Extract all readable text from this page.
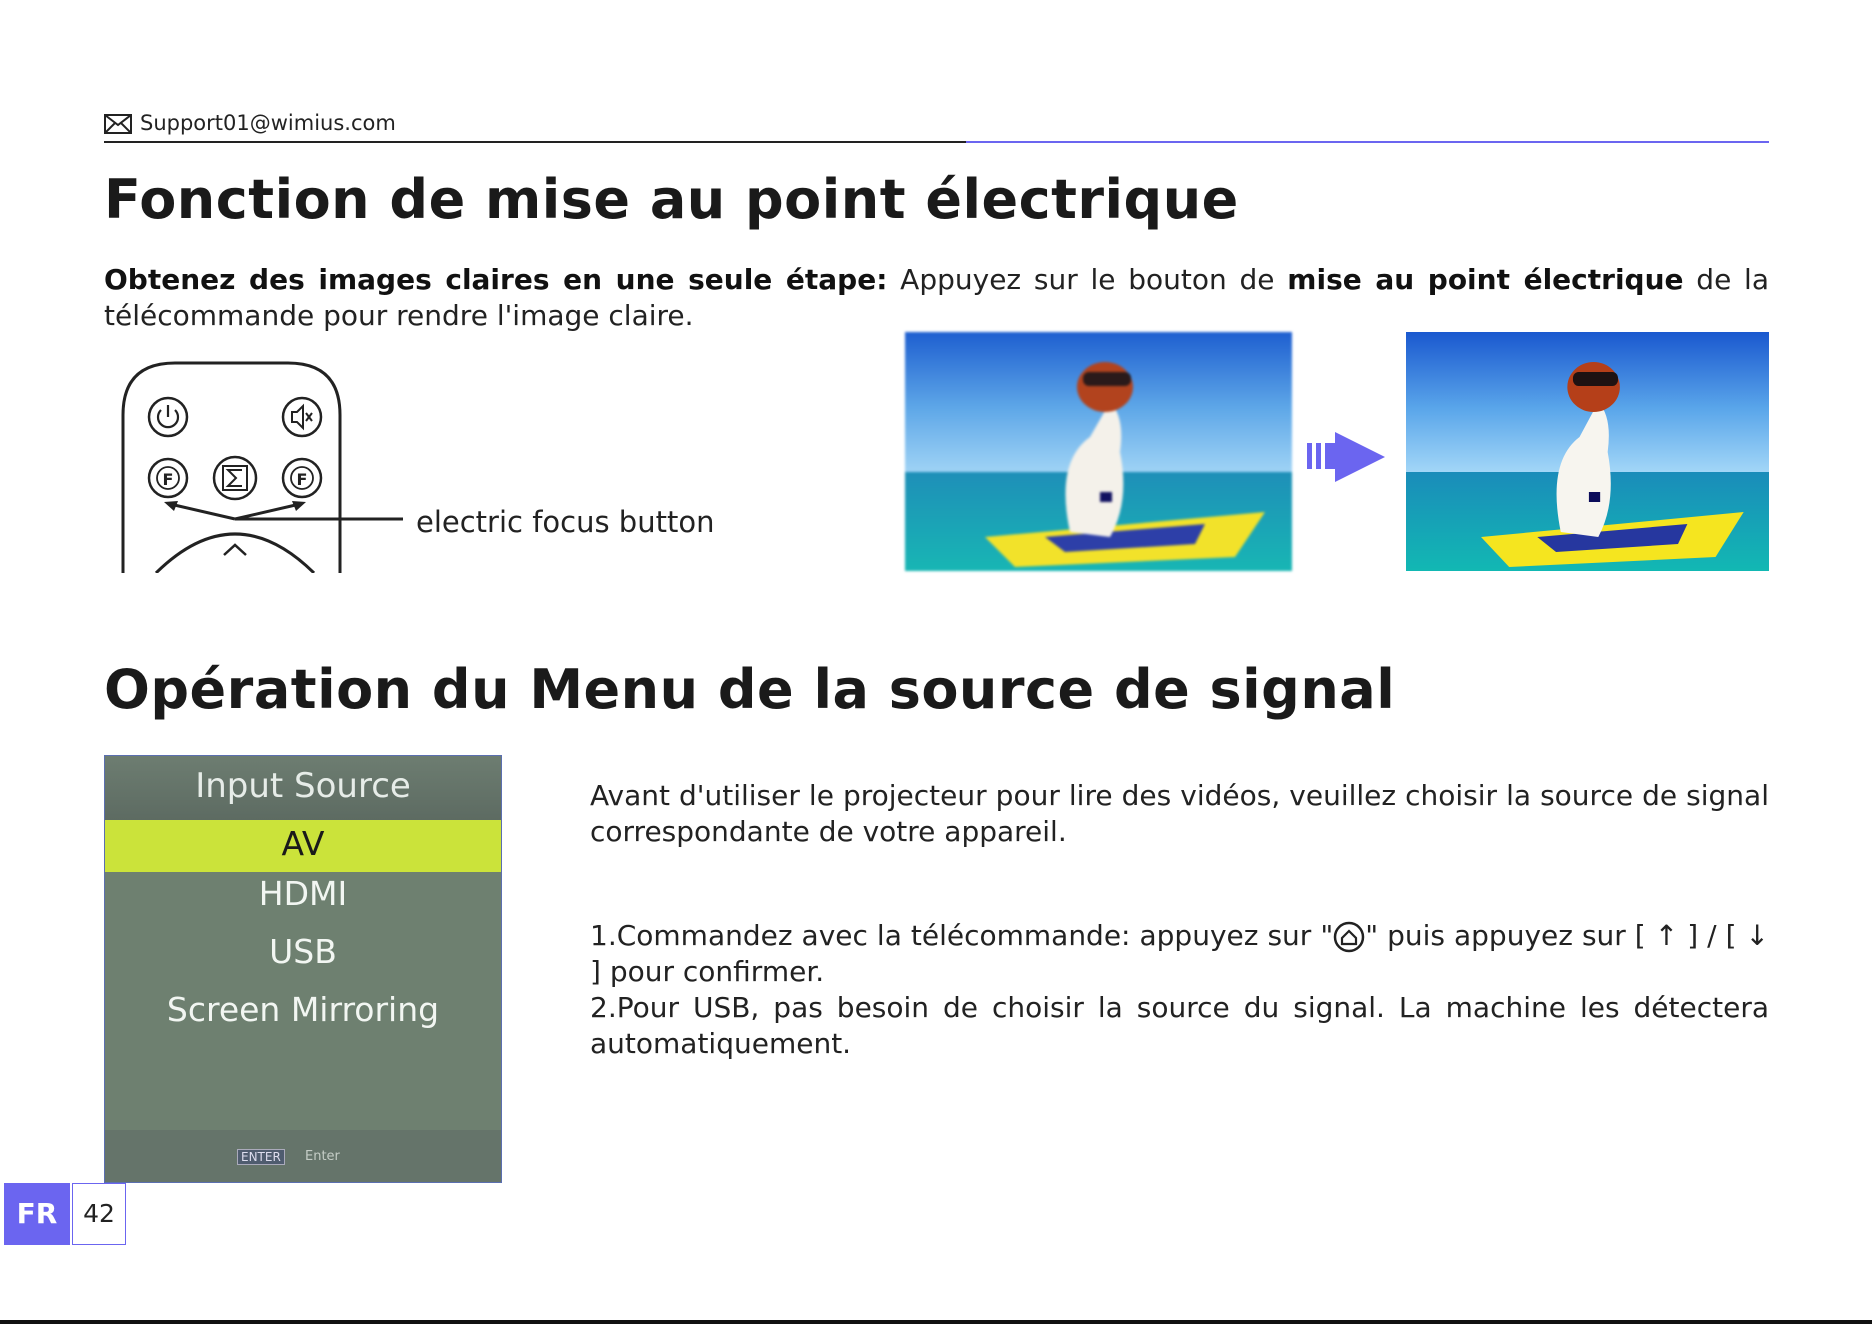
Support01@wimius.com
Fonction de mise au point électrique
Obtenez des images claires en une seule étape: Appuyez sur le bouton de mise au point électrique de la télécommande pour rendre l'image claire.
F	F
electric focus button
Opération du Menu de la source de signal
Input Source
AV
HDMI
USB
Screen Mirroring
ENTER	Enter
Avant d'utiliser le projecteur pour lire des vidéos, veuillez choisir la source de signal correspondante de votre appareil.
1.Commandez avec la télécommande: appuyez sur " " puis appuyez sur [ ↑ ] / [ ↓ ] pour confirmer.
2.Pour USB, pas besoin de choisir la source du signal. La machine les détectera automatiquement.
FR	42
